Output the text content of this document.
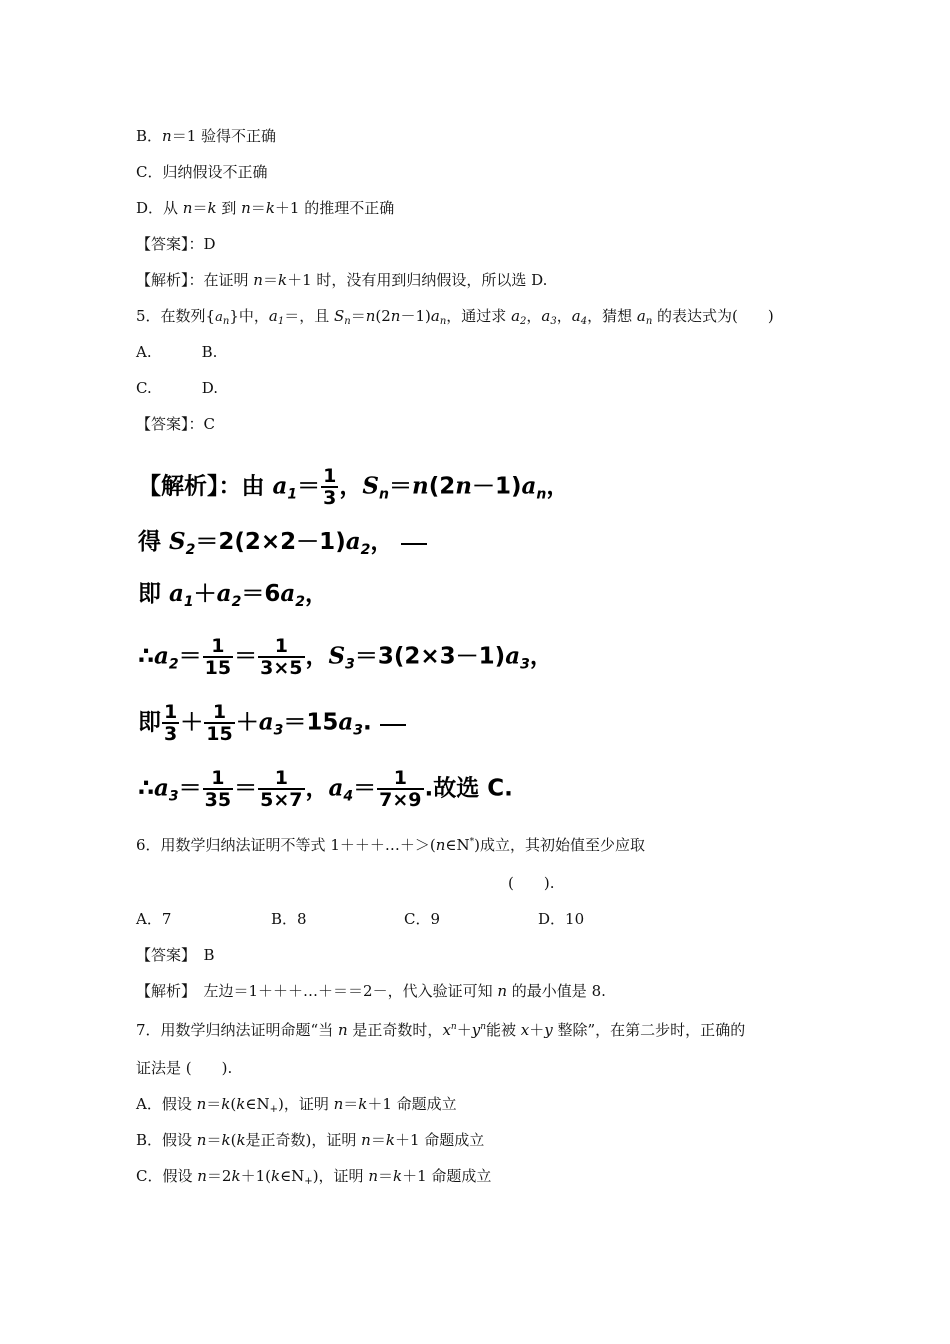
B．n＝1 验得不正确
C．归纳假设不正确
D．从 n＝k 到 n＝k＋1 的推理不正确
【答案】：D
【解析】：在证明 n＝k＋1 时，没有用到归纳假设，所以选 D.
5．在数列$\{a_n\}$中，$a_1=$，且 $S_n=n(2n-1)a_n$，通过求 $a_2$，$a_3$，$a_4$，猜想 $a_n$ 的表达式为(　　)
A.	B.
C.	D.
【答案】：C
【解析】：由 $a_1= \frac{1}{3}$ ，$S_n=n(2n-1)a_n$，
得 $S_2=2(2\times 2-1)a_2$，
即 $a_1+a_2=6a_2$，
$\therefore a_2= \frac{1}{15} = \frac{1}{3\times 5}$ ，$S_3=3(2\times 3-1)a_3$，
即 $\frac{1}{3} + \frac{1}{15} +a_3=15a_3$.
$\therefore a_3= \frac{1}{35} = \frac{1}{5\times 7}$ ，$a_4= \frac{1}{7\times 9}$ .故选 C.
6．用数学归纳法证明不等式 1＋＋＋…＋＞(n∈N*)成立，其初始值至少应取
(　　).
A．7	B．8	C．9	D．10
【答案】　B
【解析】　左边＝1＋＋＋…＋＝＝2－，代入验证可知 n 的最小值是 8.
7．用数学归纳法证明命题“当 n 是正奇数时，$x^n+y^n$能被 x＋y 整除”，在第二步时，正确的
证法是 (　　).
A．假设 $n=k(k\in N_+)$，证明 n＝k＋1 命题成立
B．假设 n＝k(k是正奇数)，证明 n＝k＋1 命题成立
C．假设 $n=2k+1(k\in N_+)$，证明 n＝k＋1 命题成立
